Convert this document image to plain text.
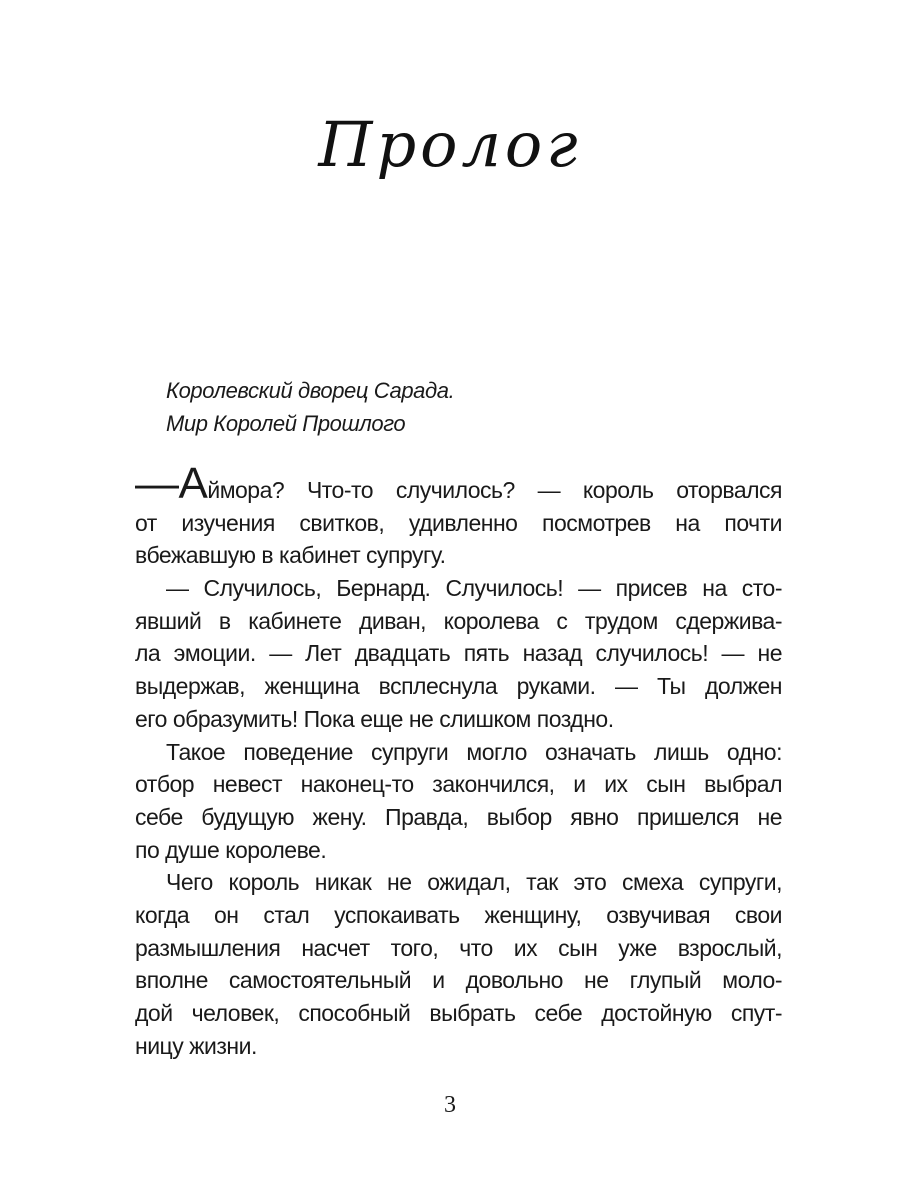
Пролог
Королевский дворец Сарада.
Мир Королей Прошлого
—Аймора? Что-то случилось? — король оторвался
от изучения свитков, удивленно посмотрев на почти
вбежавшую в кабинет супругу.
— Случилось, Бернард. Случилось! — присев на сто-
явший в кабинете диван, королева с трудом сдержива-
ла эмоции. — Лет двадцать пять назад случилось! — не
выдержав, женщина всплеснула руками. — Ты должен
его образумить! Пока еще не слишком поздно.
Такое поведение супруги могло означать лишь одно:
отбор невест наконец-то закончился, и их сын выбрал
себе будущую жену. Правда, выбор явно пришелся не
по душе королеве.
Чего король никак не ожидал, так это смеха супруги,
когда он стал успокаивать женщину, озвучивая свои
размышления насчет того, что их сын уже взрослый,
вполне самостоятельный и довольно не глупый моло-
дой человек, способный выбрать себе достойную спут-
ницу жизни.
3
